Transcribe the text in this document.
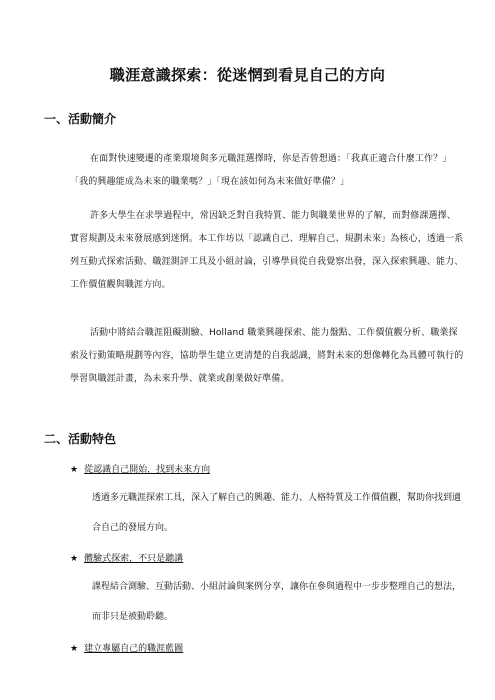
職涯意識探索：從迷惘到看見自己的方向
一、活動簡介
在面對快速變遷的產業環境與多元職涯選擇時，你是否曾想過：「我真正適合什麼工作？」「我的興趣能成為未來的職業嗎？」「現在該如何為未來做好準備？」
許多大學生在求學過程中，常因缺乏對自我特質、能力與職業世界的了解，而對修課選擇、實習規劃及未來發展感到迷惘。本工作坊以「認識自己、理解自己、規劃未來」為核心，透過一系列互動式探索活動、職涯測評工具及小組討論，引導學員從自我覺察出發，深入探索興趣、能力、工作價值觀與職涯方向。
活動中將結合職涯阻礙測驗、Holland 職業興趣探索、能力盤點、工作價值觀分析、職業探索及行動策略規劃等內容，協助學生建立更清楚的自我認識，將對未來的想像轉化為具體可執行的學習與職涯計畫，為未來升學、就業或創業做好準備。
二、活動特色
★ 從認識自己開始，找到未來方向
透過多元職涯探索工具，深入了解自己的興趣、能力、人格特質及工作價值觀，幫助你找到適合自己的發展方向。
★ 體驗式探索，不只是聽講
課程結合測驗、互動活動、小組討論與案例分享，讓你在參與過程中一步步整理自己的想法，而非只是被動聆聽。
★ 建立專屬自己的職涯藍圖
